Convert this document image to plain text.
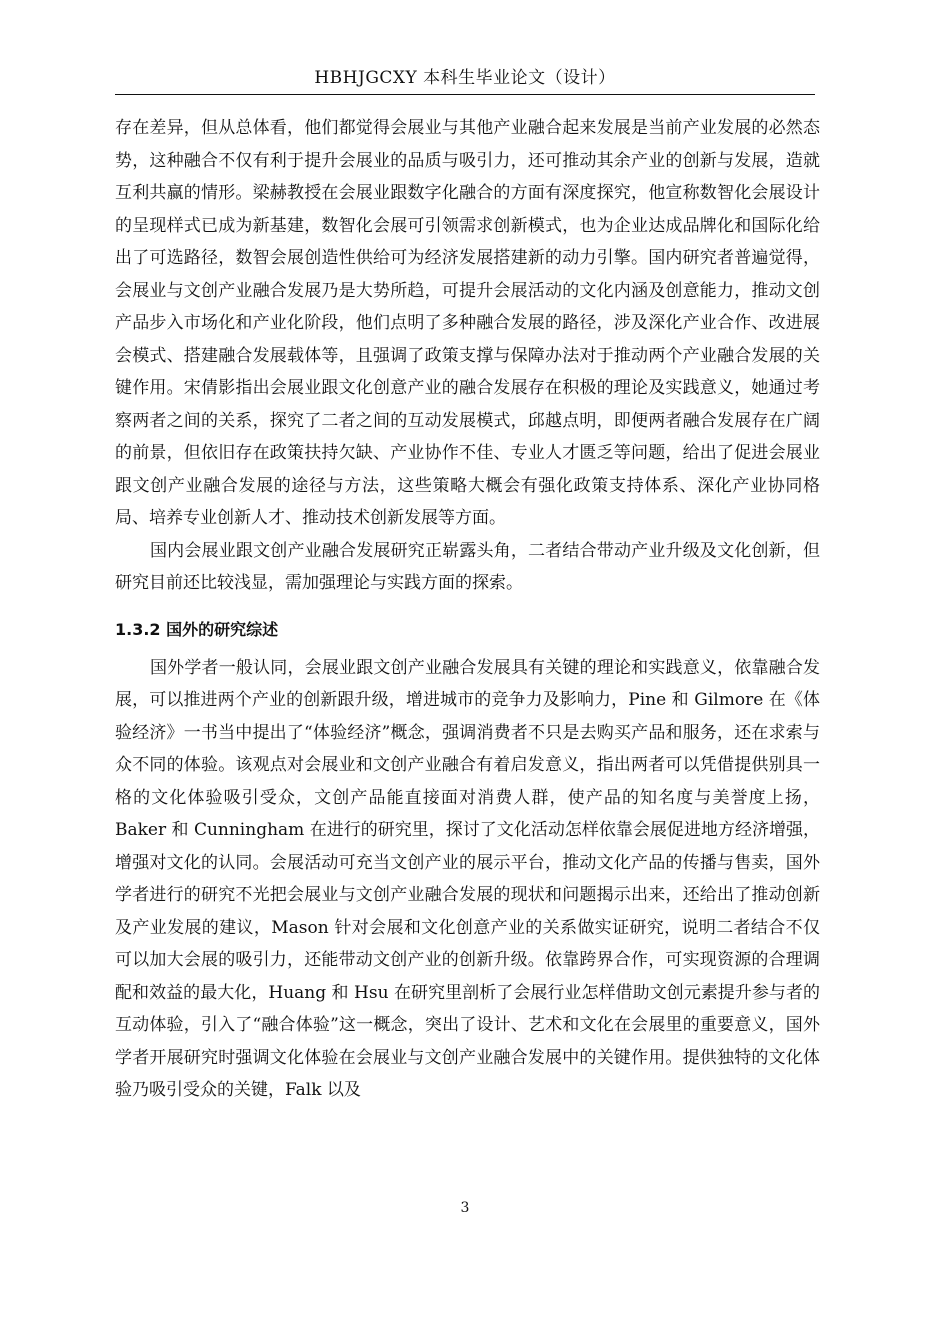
HBHJGCXY 本科生毕业论文（设计）

存在差异，但从总体看，他们都觉得会展业与其他产业融合起来发展是当前产业发展的必然态势，这种融合不仅有利于提升会展业的品质与吸引力，还可推动其余产业的创新与发展，造就互利共赢的情形。梁赫教授在会展业跟数字化融合的方面有深度探究，他宣称数智化会展设计的呈现样式已成为新基建，数智化会展可引领需求创新模式，也为企业达成品牌化和国际化给出了可选路径，数智会展创造性供给可为经济发展搭建新的动力引擎。国内研究者普遍觉得，会展业与文创产业融合发展乃是大势所趋，可提升会展活动的文化内涵及创意能力，推动文创产品步入市场化和产业化阶段，他们点明了多种融合发展的路径，涉及深化产业合作、改进展会模式、搭建融合发展载体等，且强调了政策支撑与保障办法对于推动两个产业融合发展的关键作用。宋倩影指出会展业跟文化创意产业的融合发展存在积极的理论及实践意义，她通过考察两者之间的关系，探究了二者之间的互动发展模式，邱越点明，即便两者融合发展存在广阔的前景，但依旧存在政策扶持欠缺、产业协作不佳、专业人才匮乏等问题，给出了促进会展业跟文创产业融合发展的途径与方法，这些策略大概会有强化政策支持体系、深化产业协同格局、培养专业创新人才、推动技术创新发展等方面。

国内会展业跟文创产业融合发展研究正崭露头角，二者结合带动产业升级及文化创新，但研究目前还比较浅显，需加强理论与实践方面的探索。

1.3.2 国外的研究综述

国外学者一般认同，会展业跟文创产业融合发展具有关键的理论和实践意义，依靠融合发展，可以推进两个产业的创新跟升级，增进城市的竞争力及影响力，Pine 和 Gilmore 在《体验经济》一书当中提出了“体验经济”概念，强调消费者不只是去购买产品和服务，还在求索与众不同的体验。该观点对会展业和文创产业融合有着启发意义，指出两者可以凭借提供别具一格的文化体验吸引受众，文创产品能直接面对消费人群，使产品的知名度与美誉度上扬，Baker 和 Cunningham 在进行的研究里，探讨了文化活动怎样依靠会展促进地方经济增强，增强对文化的认同。会展活动可充当文创产业的展示平台，推动文化产品的传播与售卖，国外学者进行的研究不光把会展业与文创产业融合发展的现状和问题揭示出来，还给出了推动创新及产业发展的建议，Mason 针对会展和文化创意产业的关系做实证研究，说明二者结合不仅可以加大会展的吸引力，还能带动文创产业的创新升级。依靠跨界合作，可实现资源的合理调配和效益的最大化，Huang 和 Hsu 在研究里剖析了会展行业怎样借助文创元素提升参与者的互动体验，引入了“融合体验”这一概念，突出了设计、艺术和文化在会展里的重要意义，国外学者开展研究时强调文化体验在会展业与文创产业融合发展中的关键作用。提供独特的文化体验乃吸引受众的关键，Falk 以及

3
